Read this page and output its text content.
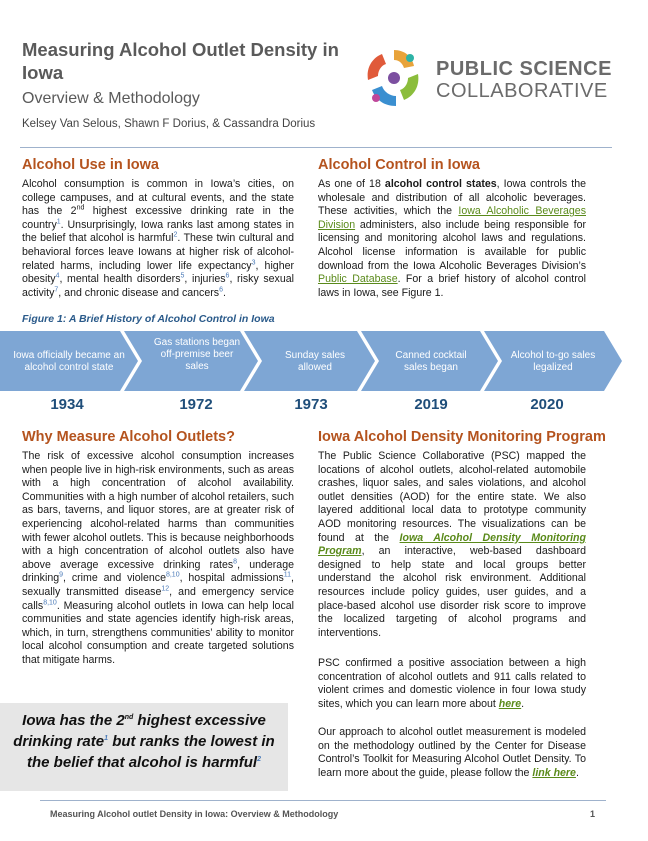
Measuring Alcohol Outlet Density in Iowa
Overview & Methodology
Kelsey Van Selous, Shawn F Dorius, & Cassandra Dorius
PUBLIC SCIENCE
COLLABORATIVE
Alcohol Use in Iowa

Alcohol consumption is common in Iowa’s cities, on college campuses, and at cultural events, and the state has the 2nd highest excessive drinking rate in the country$^1$. Unsurprisingly, Iowa ranks last among states in the belief that alcohol is harmful$^2$. These twin cultural and behavioral forces leave Iowans at higher risk of alcohol-related harms, including lower life expectancy$^3$, higher obesity$^4$, mental health disorders$^5$, injuries$^6$, risky sexual activity$^7$, and chronic disease and cancers$^6$.

Alcohol Control in Iowa

As one of 18 alcohol control states, Iowa controls the wholesale and distribution of all alcoholic beverages. These activities, which the Iowa Alcoholic Beverages Division administers, also include being responsible for licensing and monitoring alcohol laws and regulations. Alcohol license information is available for public download from the Iowa Alcoholic Beverages Division’s Public Database. For a brief history of alcohol control laws in Iowa, see Figure 1.

Figure 1: A Brief History of Alcohol Control in Iowa
Iowa officially became an alcohol control state
Gas stations began off-premise beer sales
Sunday sales allowed
Canned cocktail sales began
Alcohol to-go sales legalized
1934	1972	1973	2019	2020
Why Measure Alcohol Outlets?

The risk of excessive alcohol consumption increases when people live in high-risk environments, such as areas with a high concentration of alcohol availability. Communities with a high number of alcohol retailers, such as bars, taverns, and liquor stores, are at greater risk of experiencing alcohol-related harms than communities with fewer alcohol outlets. This is because neighborhoods with a high concentration of alcohol outlets also have above average excessive drinking rates$^8$, underage drinking$^9$, crime and violence$^{8,10}$, hospital admissions$^{11}$, sexually transmitted disease$^{12}$, and emergency service calls$^{8,10}$. Measuring alcohol outlets in Iowa can help local communities and state agencies identify high-risk areas, which, in turn, strengthens communities’ ability to monitor local alcohol consumption and create targeted solutions that mitigate harms.

Iowa has the 2nd highest excessive drinking rate$^1$ but ranks the lowest in the belief that alcohol is harmful$^2$
Iowa Alcohol Density Monitoring Program

The Public Science Collaborative (PSC) mapped the locations of alcohol outlets, alcohol-related automobile crashes, liquor sales, and sales violations, and alcohol outlet densities (AOD) for the entire state. We also layered additional local data to prototype community AOD monitoring resources. The visualizations can be found at the Iowa Alcohol Density Monitoring Program, an interactive, web-based dashboard designed to help state and local groups better understand the alcohol risk environment. Additional resources include policy guides, user guides, and a place-based alcohol use disorder risk score to improve the localized targeting of alcohol programs and interventions.

PSC confirmed a positive association between a high concentration of alcohol outlets and 911 calls related to violent crimes and domestic violence in four Iowa study sites, which you can learn more about here.

Our approach to alcohol outlet measurement is modeled on the methodology outlined by the Center for Disease Control’s Toolkit for Measuring Alcohol Outlet Density. To learn more about the guide, please follow the link here.

Measuring Alcohol outlet Density in Iowa: Overview & Methodology	1
